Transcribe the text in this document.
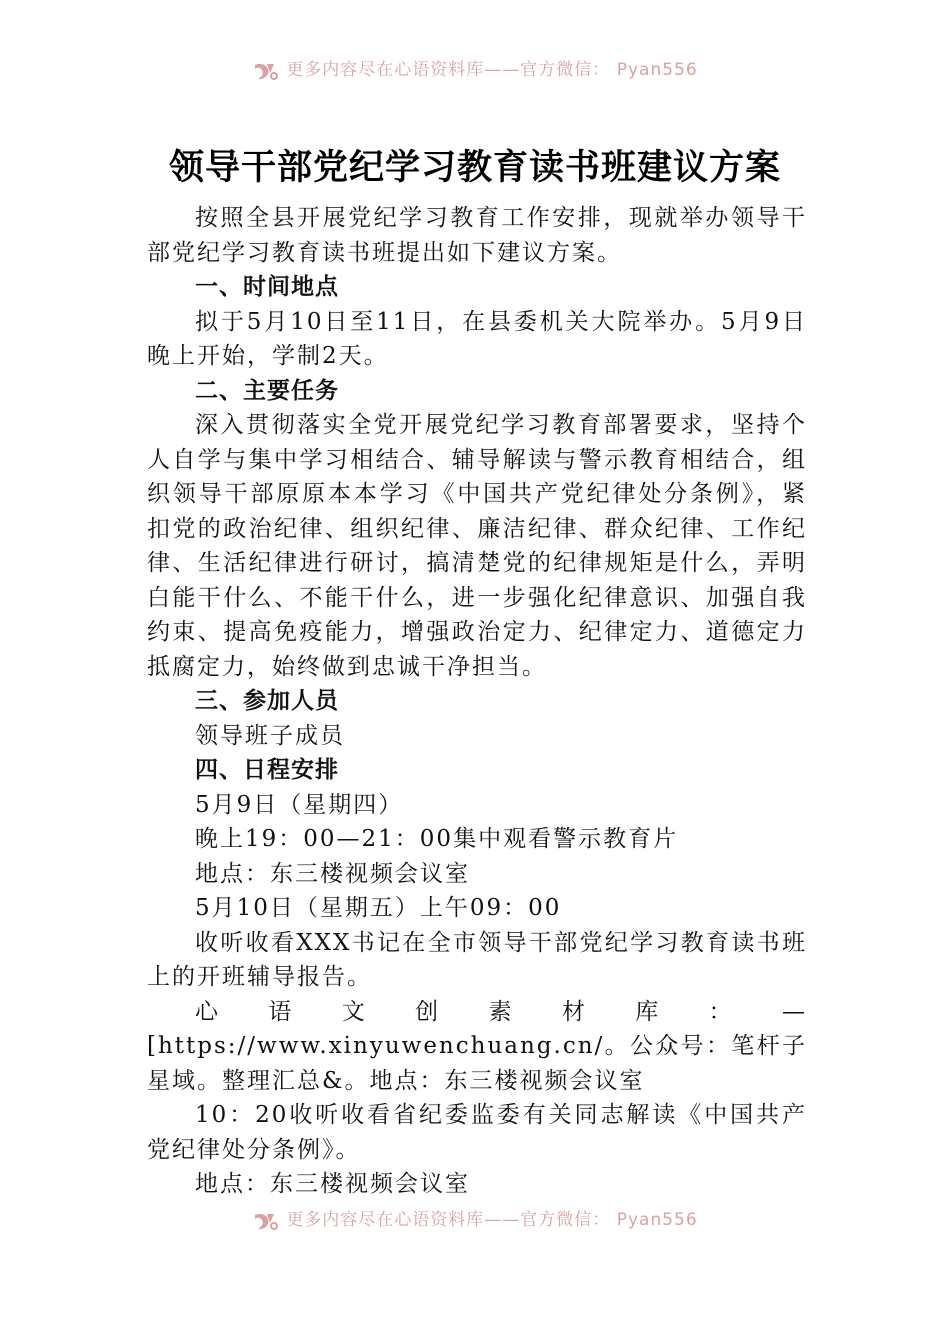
更多内容尽在心语资料库——官方微信： Pyan556
领导干部党纪学习教育读书班建议方案

按照全县开展党纪学习教育工作安排，现就举办领导干部党纪学习教育读书班提出如下建议方案。

一、时间地点

拟于5月10日至11日，在县委机关大院举办。5月9日晚上开始，学制2天。

二、主要任务

深入贯彻落实全党开展党纪学习教育部署要求，坚持个人自学与集中学习相结合、辅导解读与警示教育相结合，组织领导干部原原本本学习《中国共产党纪律处分条例》，紧扣党的政治纪律、组织纪律、廉洁纪律、群众纪律、工作纪律、生活纪律进行研讨，搞清楚党的纪律规矩是什么，弄明白能干什么、不能干什么，进一步强化纪律意识、加强自我约束、提高免疫能力，增强政治定力、纪律定力、道德定力抵腐定力，始终做到忠诚干净担当。

三、参加人员

领导班子成员

四、日程安排

5月9日（星期四）

晚上19：00—21：00集中观看警示教育片

地点：东三楼视频会议室

5月10日（星期五）上午09：00

收听收看XXX书记在全市领导干部党纪学习教育读书班上的开班辅导报告。

心语文创素材库：—[https://www.xinyuwenchuang.cn/。公众号：笔杆子星域。整理汇总&。地点：东三楼视频会议室

10：20收听收看省纪委监委有关同志解读《中国共产党纪律处分条例》。

地点：东三楼视频会议室

更多内容尽在心语资料库——官方微信： Pyan556
